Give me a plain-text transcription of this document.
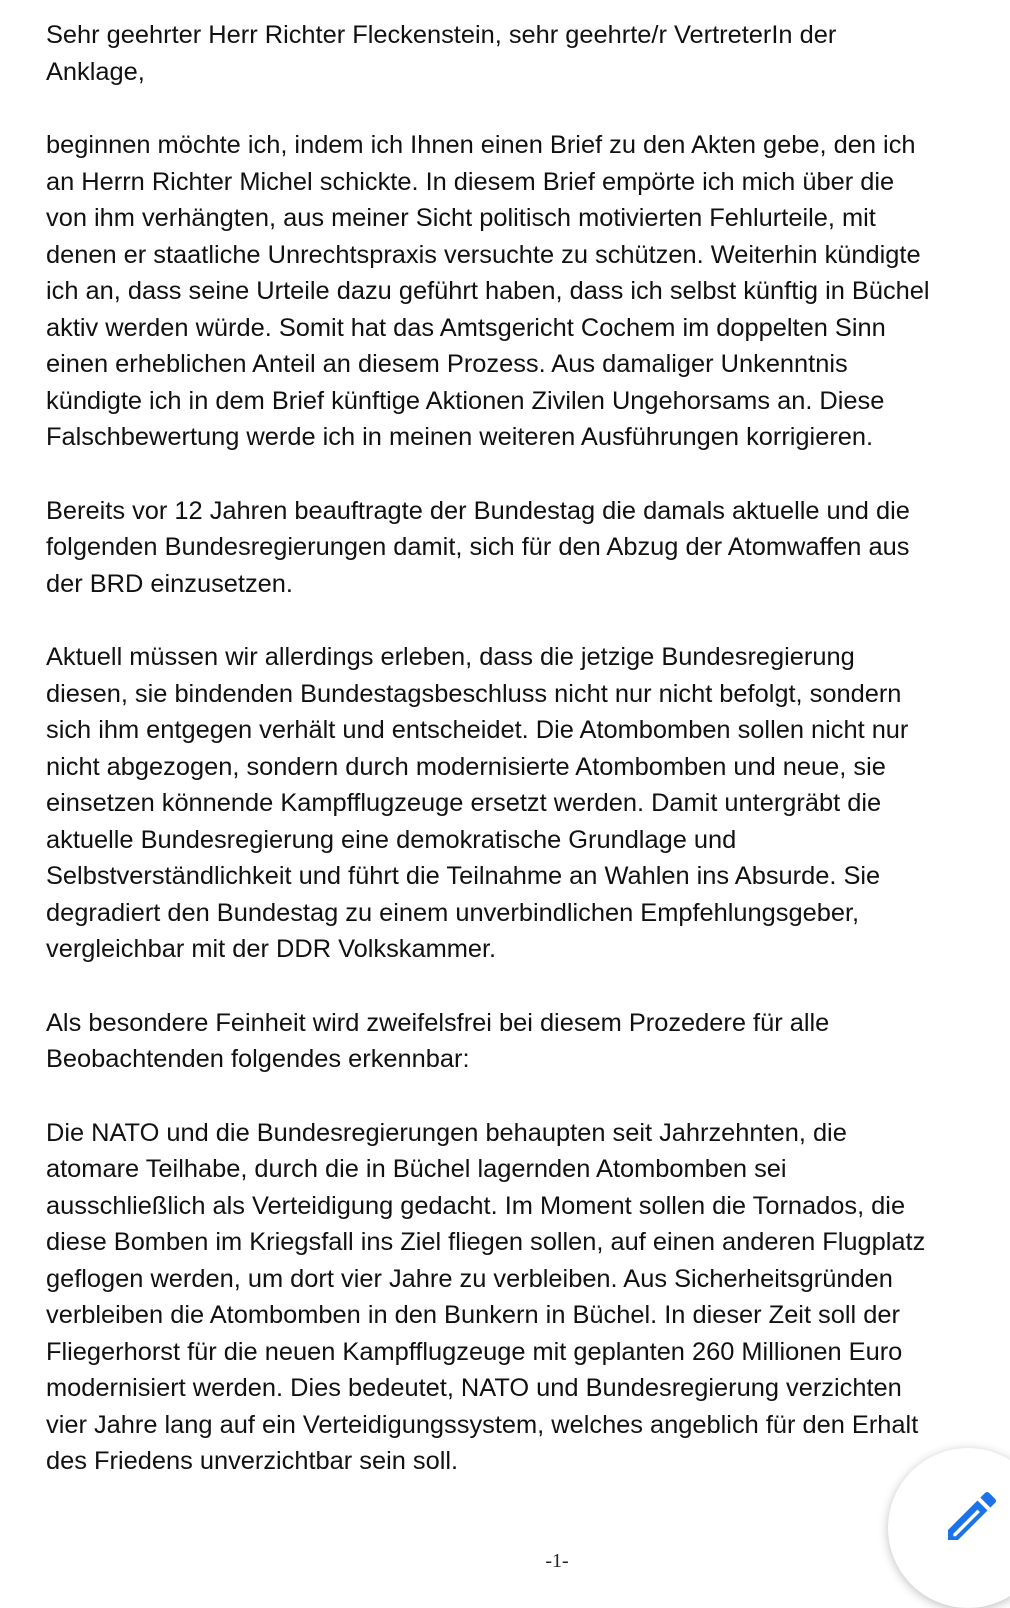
Sehr geehrter Herr Richter Fleckenstein, sehr geehrte/r VertreterIn der
Anklage,

beginnen möchte ich, indem ich Ihnen einen Brief zu den Akten gebe, den ich
an Herrn Richter Michel schickte. In diesem Brief empörte ich mich über die
von ihm verhängten, aus meiner Sicht politisch motivierten Fehlurteile, mit
denen er staatliche Unrechtspraxis versuchte zu schützen. Weiterhin kündigte
ich an, dass seine Urteile dazu geführt haben, dass ich selbst künftig in Büchel
aktiv werden würde. Somit hat das Amtsgericht Cochem im doppelten Sinn
einen erheblichen Anteil an diesem Prozess. Aus damaliger Unkenntnis
kündigte ich in dem Brief künftige Aktionen Zivilen Ungehorsams an. Diese
Falschbewertung werde ich in meinen weiteren Ausführungen korrigieren.

Bereits vor 12 Jahren beauftragte der Bundestag die damals aktuelle und die
folgenden Bundesregierungen damit, sich für den Abzug der Atomwaffen aus
der BRD einzusetzen.

Aktuell müssen wir allerdings erleben, dass die jetzige Bundesregierung
diesen, sie bindenden Bundestagsbeschluss nicht nur nicht befolgt, sondern
sich ihm entgegen verhält und entscheidet. Die Atombomben sollen nicht nur
nicht abgezogen, sondern durch modernisierte Atombomben und neue, sie
einsetzen könnende Kampfflugzeuge ersetzt werden. Damit untergräbt die
aktuelle Bundesregierung eine demokratische Grundlage und
Selbstverständlichkeit und führt die Teilnahme an Wahlen ins Absurde. Sie
degradiert den Bundestag zu einem unverbindlichen Empfehlungsgeber,
vergleichbar mit der DDR Volkskammer.

Als besondere Feinheit wird zweifelsfrei bei diesem Prozedere für alle
Beobachtenden folgendes erkennbar:

Die NATO und die Bundesregierungen behaupten seit Jahrzehnten, die
atomare Teilhabe, durch die in Büchel lagernden Atombomben sei
ausschließlich als Verteidigung gedacht. Im Moment sollen die Tornados, die
diese Bomben im Kriegsfall ins Ziel fliegen sollen, auf einen anderen Flugplatz
geflogen werden, um dort vier Jahre zu verbleiben. Aus Sicherheitsgründen
verbleiben die Atombomben in den Bunkern in Büchel. In dieser Zeit soll der
Fliegerhorst für die neuen Kampfflugzeuge mit geplanten 260 Millionen Euro
modernisiert werden. Dies bedeutet, NATO und Bundesregierung verzichten
vier Jahre lang auf ein Verteidigungssystem, welches angeblich für den Erhalt
des Friedens unverzichtbar sein soll.

-1-
